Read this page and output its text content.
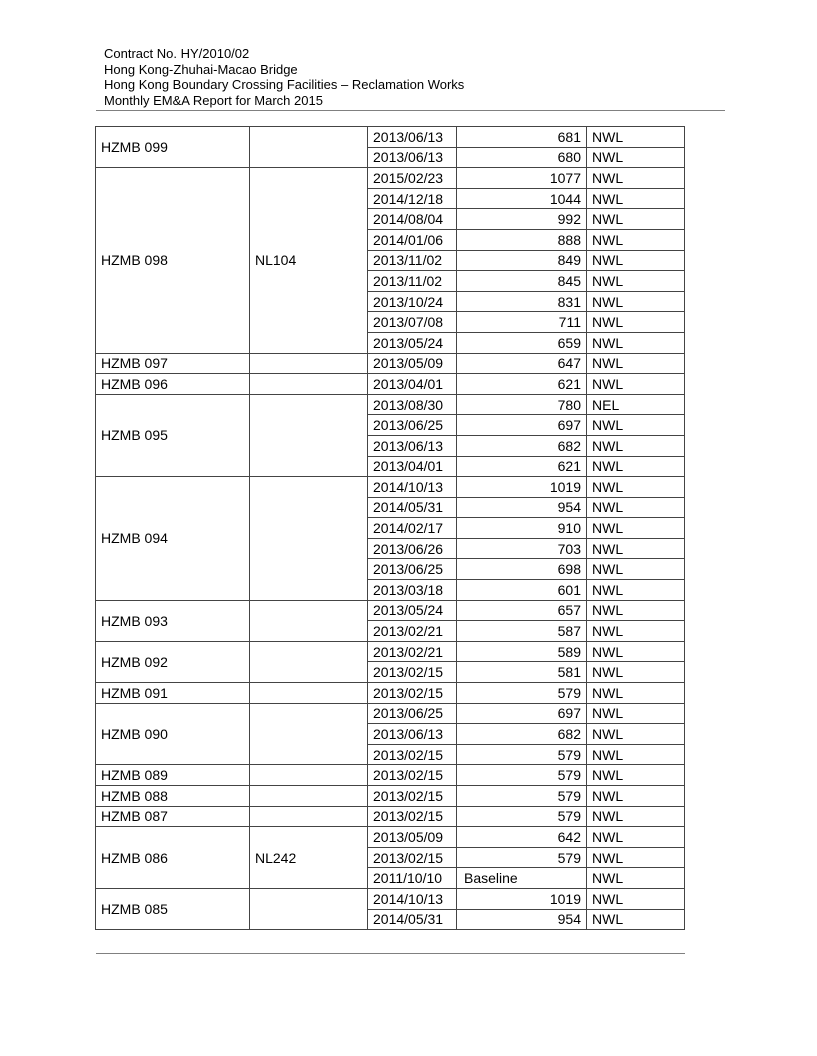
Contract No. HY/2010/02
Hong Kong-Zhuhai-Macao Bridge
Hong Kong Boundary Crossing Facilities – Reclamation Works
Monthly EM&A Report for March 2015
HZMB 099		2013/06/13	681	NWL
		2013/06/13	680	NWL
HZMB 098	NL104	2015/02/23	1077	NWL
		2014/12/18	1044	NWL
		2014/08/04	992	NWL
		2014/01/06	888	NWL
		2013/11/02	849	NWL
		2013/11/02	845	NWL
		2013/10/24	831	NWL
		2013/07/08	711	NWL
		2013/05/24	659	NWL
HZMB 097		2013/05/09	647	NWL
HZMB 096		2013/04/01	621	NWL
HZMB 095		2013/08/30	780	NEL
		2013/06/25	697	NWL
		2013/06/13	682	NWL
		2013/04/01	621	NWL
HZMB 094		2014/10/13	1019	NWL
		2014/05/31	954	NWL
		2014/02/17	910	NWL
		2013/06/26	703	NWL
		2013/06/25	698	NWL
		2013/03/18	601	NWL
HZMB 093		2013/05/24	657	NWL
		2013/02/21	587	NWL
HZMB 092		2013/02/21	589	NWL
		2013/02/15	581	NWL
HZMB 091		2013/02/15	579	NWL
HZMB 090		2013/06/25	697	NWL
		2013/06/13	682	NWL
		2013/02/15	579	NWL
HZMB 089		2013/02/15	579	NWL
HZMB 088		2013/02/15	579	NWL
HZMB 087		2013/02/15	579	NWL
HZMB 086	NL242	2013/05/09	642	NWL
		2013/02/15	579	NWL
		2011/10/10	Baseline	NWL
HZMB 085		2014/10/13	1019	NWL
		2014/05/31	954	NWL
